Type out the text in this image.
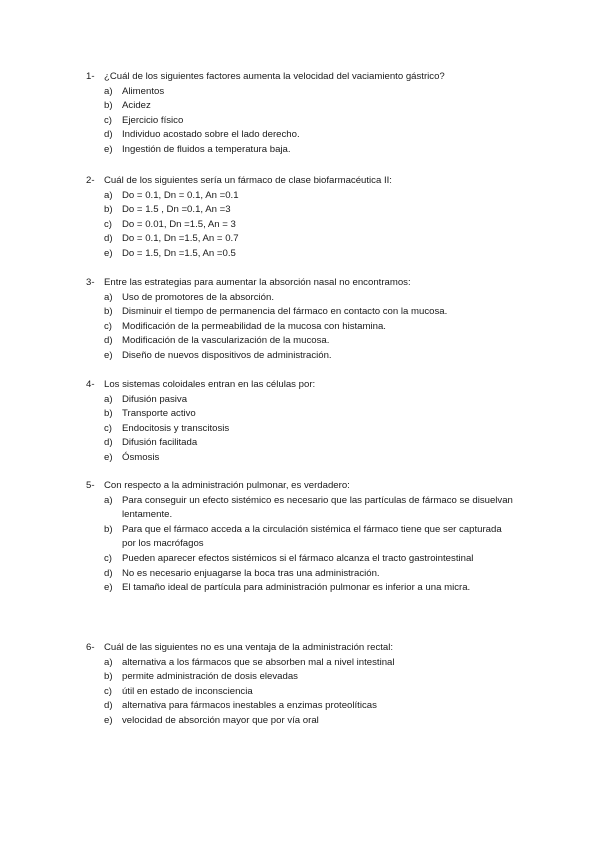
1- ¿Cuál de los siguientes factores aumenta la velocidad del vaciamiento gástrico?
a) Alimentos
b) Acidez
c) Ejercicio físico
d) Individuo acostado sobre el lado derecho.
e) Ingestión de fluidos a temperatura baja.
2- Cuál de los siguientes sería un fármaco de clase biofarmacéutica II:
a) Do = 0.1, Dn = 0.1, An =0.1
b) Do = 1.5 , Dn =0.1, An =3
c) Do = 0.01, Dn =1.5, An = 3
d) Do = 0.1, Dn =1.5, An = 0.7
e) Do = 1.5, Dn =1.5, An =0.5
3- Entre las estrategias para aumentar la absorción nasal no encontramos:
a) Uso de promotores de la absorción.
b) Disminuir el tiempo de permanencia del fármaco en contacto con la mucosa.
c) Modificación de la permeabilidad de la mucosa con histamina.
d) Modificación de la vascularización de la mucosa.
e) Diseño de nuevos dispositivos de administración.
4- Los sistemas coloidales entran en las células por:
a) Difusión pasiva
b) Transporte activo
c) Endocitosis y transcitosis
d) Difusión facilitada
e) Ósmosis
5- Con respecto a la administración pulmonar, es verdadero:
a) Para conseguir un efecto sistémico es necesario que las partículas de fármaco se disuelvan lentamente.
b) Para que el fármaco acceda a la circulación sistémica el fármaco tiene que ser capturada por los macrófagos
c) Pueden aparecer efectos sistémicos si el fármaco alcanza el tracto gastrointestinal
d) No es necesario enjuagarse la boca tras una administración.
e) El tamaño ideal de partícula para administración pulmonar es inferior a una micra.
6- Cuál de las siguientes no es una ventaja de la administración rectal:
a) alternativa a los fármacos que se absorben mal a nivel intestinal
b) permite administración de dosis elevadas
c) útil en estado de inconsciencia
d) alternativa para fármacos inestables a enzimas proteolíticas
e) velocidad de absorción mayor que por vía oral
